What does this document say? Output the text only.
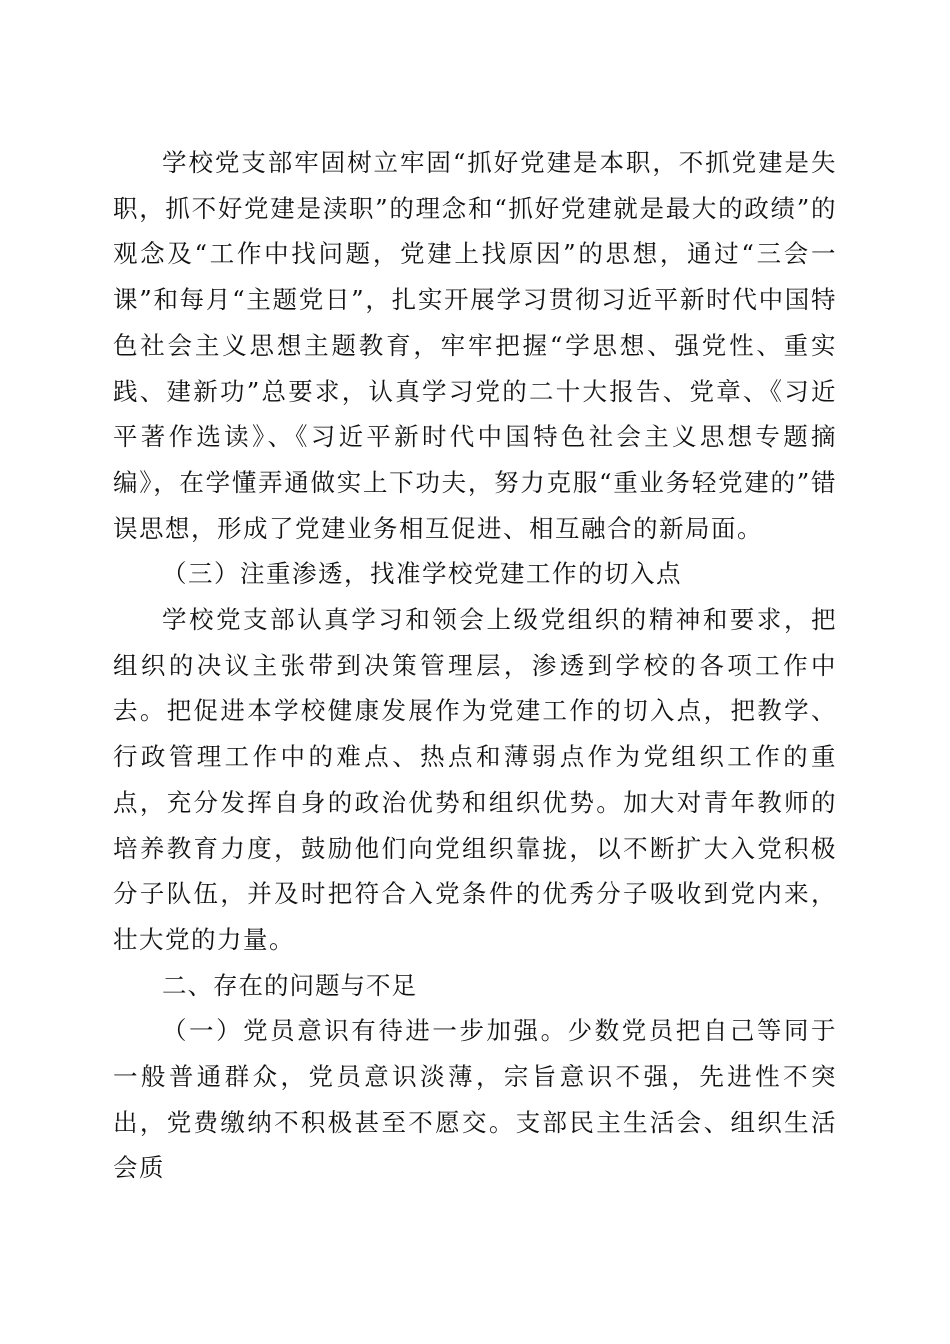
学校党支部牢固树立牢固“抓好党建是本职，不抓党建是失职，抓不好党建是渎职”的理念和“抓好党建就是最大的政绩”的观念及“工作中找问题，党建上找原因”的思想，通过“三会一课”和每月“主题党日”，扎实开展学习贯彻习近平新时代中国特色社会主义思想主题教育，牢牢把握“学思想、强党性、重实践、建新功”总要求，认真学习党的二十大报告、党章、《习近平著作选读》、《习近平新时代中国特色社会主义思想专题摘编》，在学懂弄通做实上下功夫，努力克服“重业务轻党建的”错误思想，形成了党建业务相互促进、相互融合的新局面。

（三）注重渗透，找准学校党建工作的切入点

学校党支部认真学习和领会上级党组织的精神和要求，把组织的决议主张带到决策管理层，渗透到学校的各项工作中去。把促进本学校健康发展作为党建工作的切入点，把教学、行政管理工作中的难点、热点和薄弱点作为党组织工作的重点，充分发挥自身的政治优势和组织优势。加大对青年教师的培养教育力度，鼓励他们向党组织靠拢，以不断扩大入党积极分子队伍，并及时把符合入党条件的优秀分子吸收到党内来，壮大党的力量。

二、存在的问题与不足

（一）党员意识有待进一步加强。少数党员把自己等同于一般普通群众，党员意识淡薄，宗旨意识不强，先进性不突出，党费缴纳不积极甚至不愿交。支部民主生活会、组织生活会质
